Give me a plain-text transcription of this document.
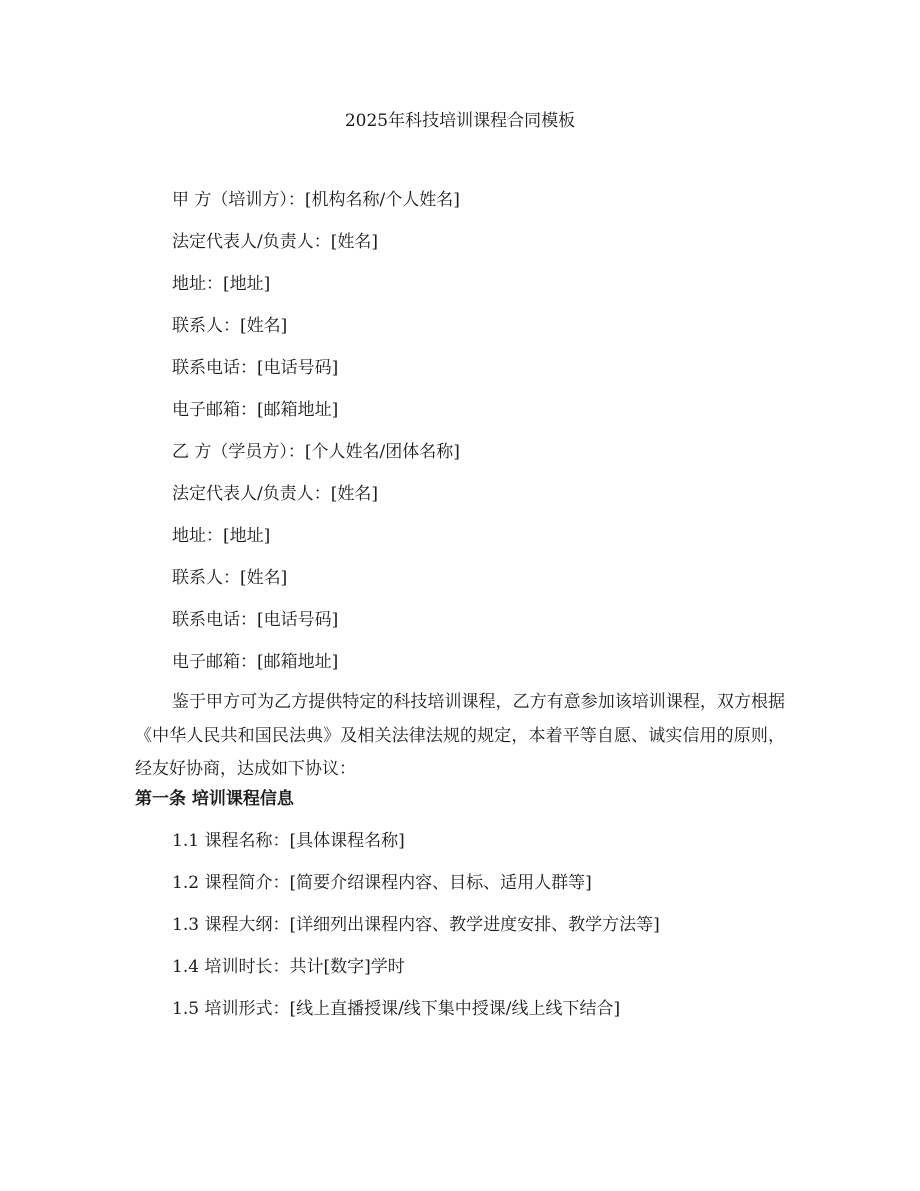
2025年科技培训课程合同模板
甲 方（培训方）：[机构名称/个人姓名]
法定代表人/负责人：[姓名]
地址：[地址]
联系人：[姓名]
联系电话：[电话号码]
电子邮箱：[邮箱地址]
乙 方（学员方）：[个人姓名/团体名称]
法定代表人/负责人：[姓名]
地址：[地址]
联系人：[姓名]
联系电话：[电话号码]
电子邮箱：[邮箱地址]
鉴于甲方可为乙方提供特定的科技培训课程，乙方有意参加该培训课程，双方根据《中华人民共和国民法典》及相关法律法规的规定，本着平等自愿、诚实信用的原则，经友好协商，达成如下协议：
第一条 培训课程信息
1.1 课程名称：[具体课程名称]
1.2 课程简介：[简要介绍课程内容、目标、适用人群等]
1.3 课程大纲：[详细列出课程内容、教学进度安排、教学方法等]
1.4 培训时长：共计[数字]学时
1.5 培训形式：[线上直播授课/线下集中授课/线上线下结合]
